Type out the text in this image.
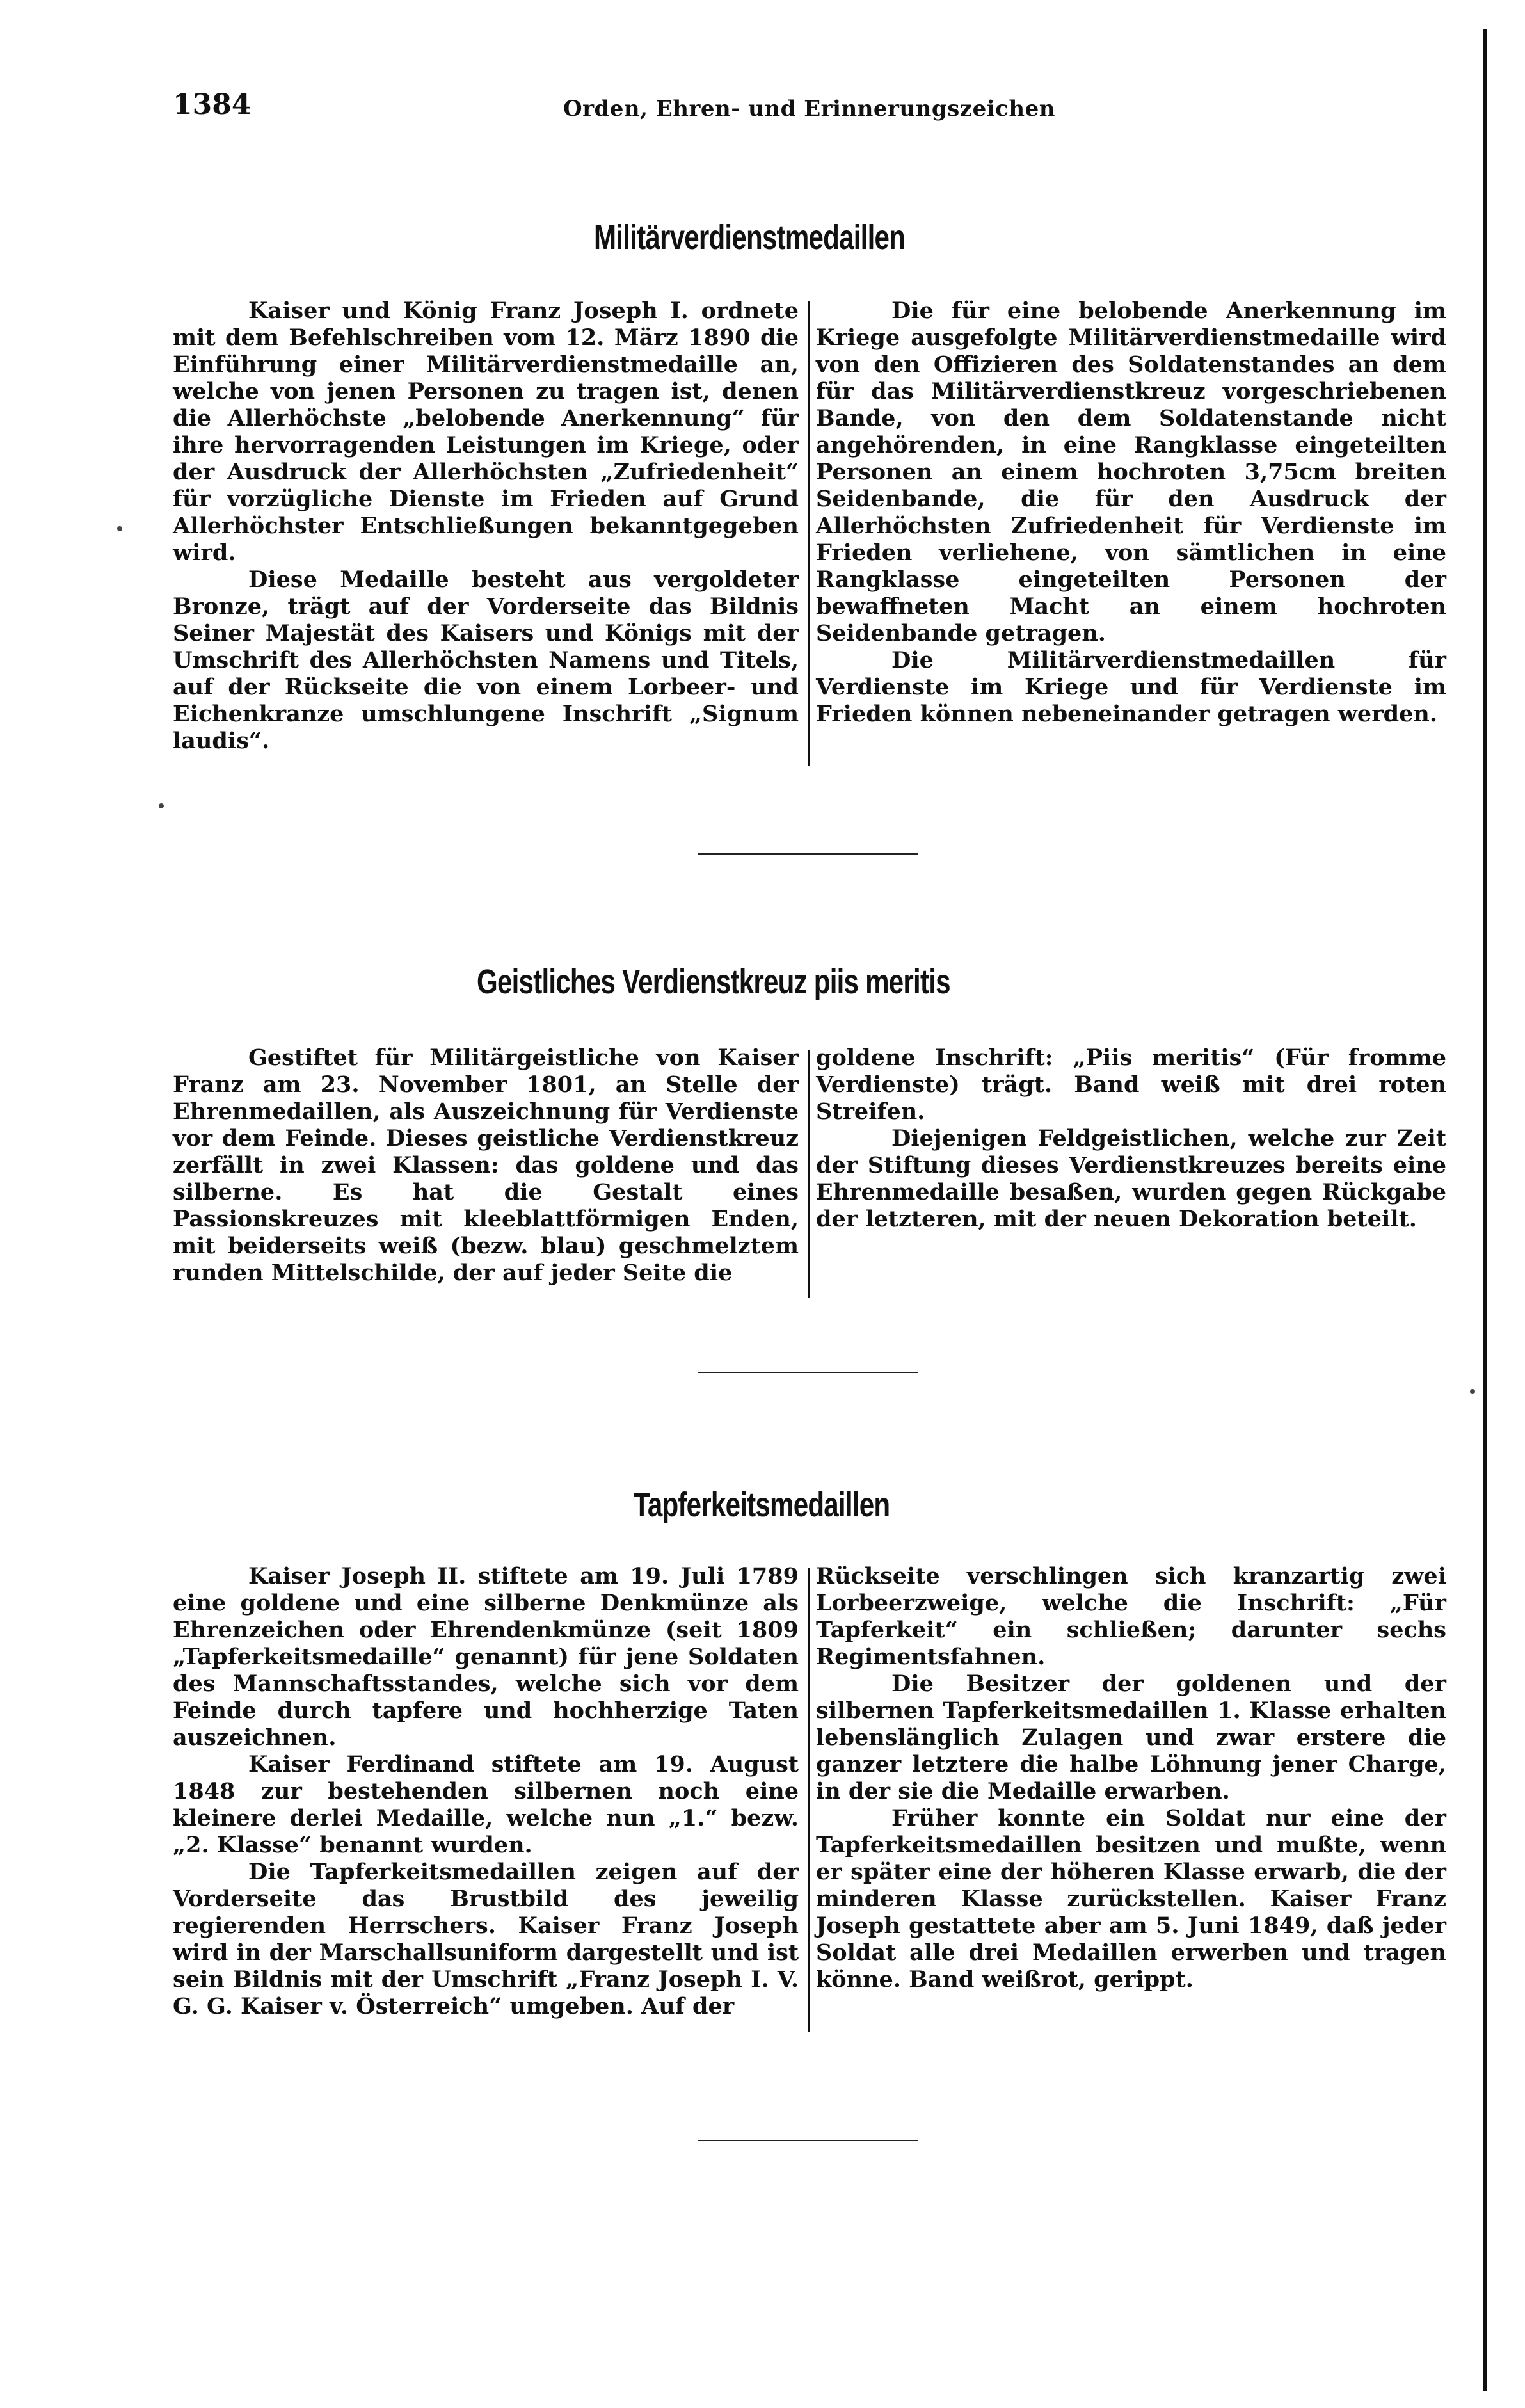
1384	Orden, Ehren- und Erinnerungszeichen
Militärverdienstmedaillen

Kaiser und König Franz Joseph I. ordnete mit dem Befehlschreiben vom 12. März 1890 die Einführung einer Militärverdienstmedaille an, welche von jenen Personen zu tragen ist, denen die Allerhöchste „belobende Anerkennung“ für ihre hervorragenden Leistungen im Kriege, oder der Ausdruck der Allerhöchsten „Zufriedenheit“ für vorzügliche Dienste im Frieden auf Grund Allerhöchster Entschließungen bekanntgegeben wird.

Diese Medaille besteht aus vergoldeter Bronze, trägt auf der Vorderseite das Bildnis Seiner Majestät des Kaisers und Königs mit der Umschrift des Allerhöchsten Namens und Titels, auf der Rückseite die von einem Lorbeer- und Eichenkranze umschlungene Inschrift „Signum laudis“.

Die für eine belobende Anerkennung im Kriege ausgefolgte Militärverdienstmedaille wird von den Offizieren des Soldatenstandes an dem für das Militärverdienstkreuz vorgeschriebenen Bande, von den dem Soldatenstande nicht angehörenden, in eine Rangklasse eingeteilten Personen an einem hochroten 3,75cm breiten Seidenbande, die für den Ausdruck der Allerhöchsten Zufriedenheit für Verdienste im Frieden verliehene, von sämtlichen in eine Rangklasse eingeteilten Personen der bewaffneten Macht an einem hochroten Seidenbande getragen.

Die Militärverdienstmedaillen für Verdienste im Kriege und für Verdienste im Frieden können nebeneinander getragen werden.

Geistliches Verdienstkreuz piis meritis

Gestiftet für Militärgeistliche von Kaiser Franz am 23. November 1801, an Stelle der Ehrenmedaillen, als Auszeichnung für Verdienste vor dem Feinde. Dieses geistliche Verdienstkreuz zerfällt in zwei Klassen: das goldene und das silberne. Es hat die Gestalt eines Passionskreuzes mit kleeblattförmigen Enden, mit beiderseits weiß (bezw. blau) geschmelztem runden Mittelschilde, der auf jeder Seite die

goldene Inschrift: „Piis meritis“ (Für fromme Verdienste) trägt. Band weiß mit drei roten Streifen.

Diejenigen Feldgeistlichen, welche zur Zeit der Stiftung dieses Verdienstkreuzes bereits eine Ehrenmedaille besaßen, wurden gegen Rückgabe der letzteren, mit der neuen Dekoration beteilt.

Tapferkeitsmedaillen

Kaiser Joseph II. stiftete am 19. Juli 1789 eine goldene und eine silberne Denkmünze als Ehrenzeichen oder Ehrendenkmünze (seit 1809 „Tapferkeitsmedaille“ genannt) für jene Soldaten des Mannschaftsstandes, welche sich vor dem Feinde durch tapfere und hochherzige Taten auszeichnen.

Kaiser Ferdinand stiftete am 19. August 1848 zur bestehenden silbernen noch eine kleinere derlei Medaille, welche nun „1.“ bezw. „2. Klasse“ benannt wurden.

Die Tapferkeitsmedaillen zeigen auf der Vorderseite das Brustbild des jeweilig regierenden Herrschers. Kaiser Franz Joseph wird in der Marschallsuniform dargestellt und ist sein Bildnis mit der Umschrift „Franz Joseph I. V. G. G. Kaiser v. Österreich“ umgeben. Auf der

Rückseite verschlingen sich kranzartig zwei Lorbeerzweige, welche die Inschrift: „Für Tapferkeit“ ein schließen; darunter sechs Regimentsfahnen.

Die Besitzer der goldenen und der silbernen Tapferkeitsmedaillen 1. Klasse erhalten lebenslänglich Zulagen und zwar erstere die ganzer letztere die halbe Löhnung jener Charge, in der sie die Medaille erwarben.

Früher konnte ein Soldat nur eine der Tapferkeitsmedaillen besitzen und mußte, wenn er später eine der höheren Klasse erwarb, die der minderen Klasse zurückstellen. Kaiser Franz Joseph gestattete aber am 5. Juni 1849, daß jeder Soldat alle drei Medaillen erwerben und tragen könne. Band weißrot, gerippt.
